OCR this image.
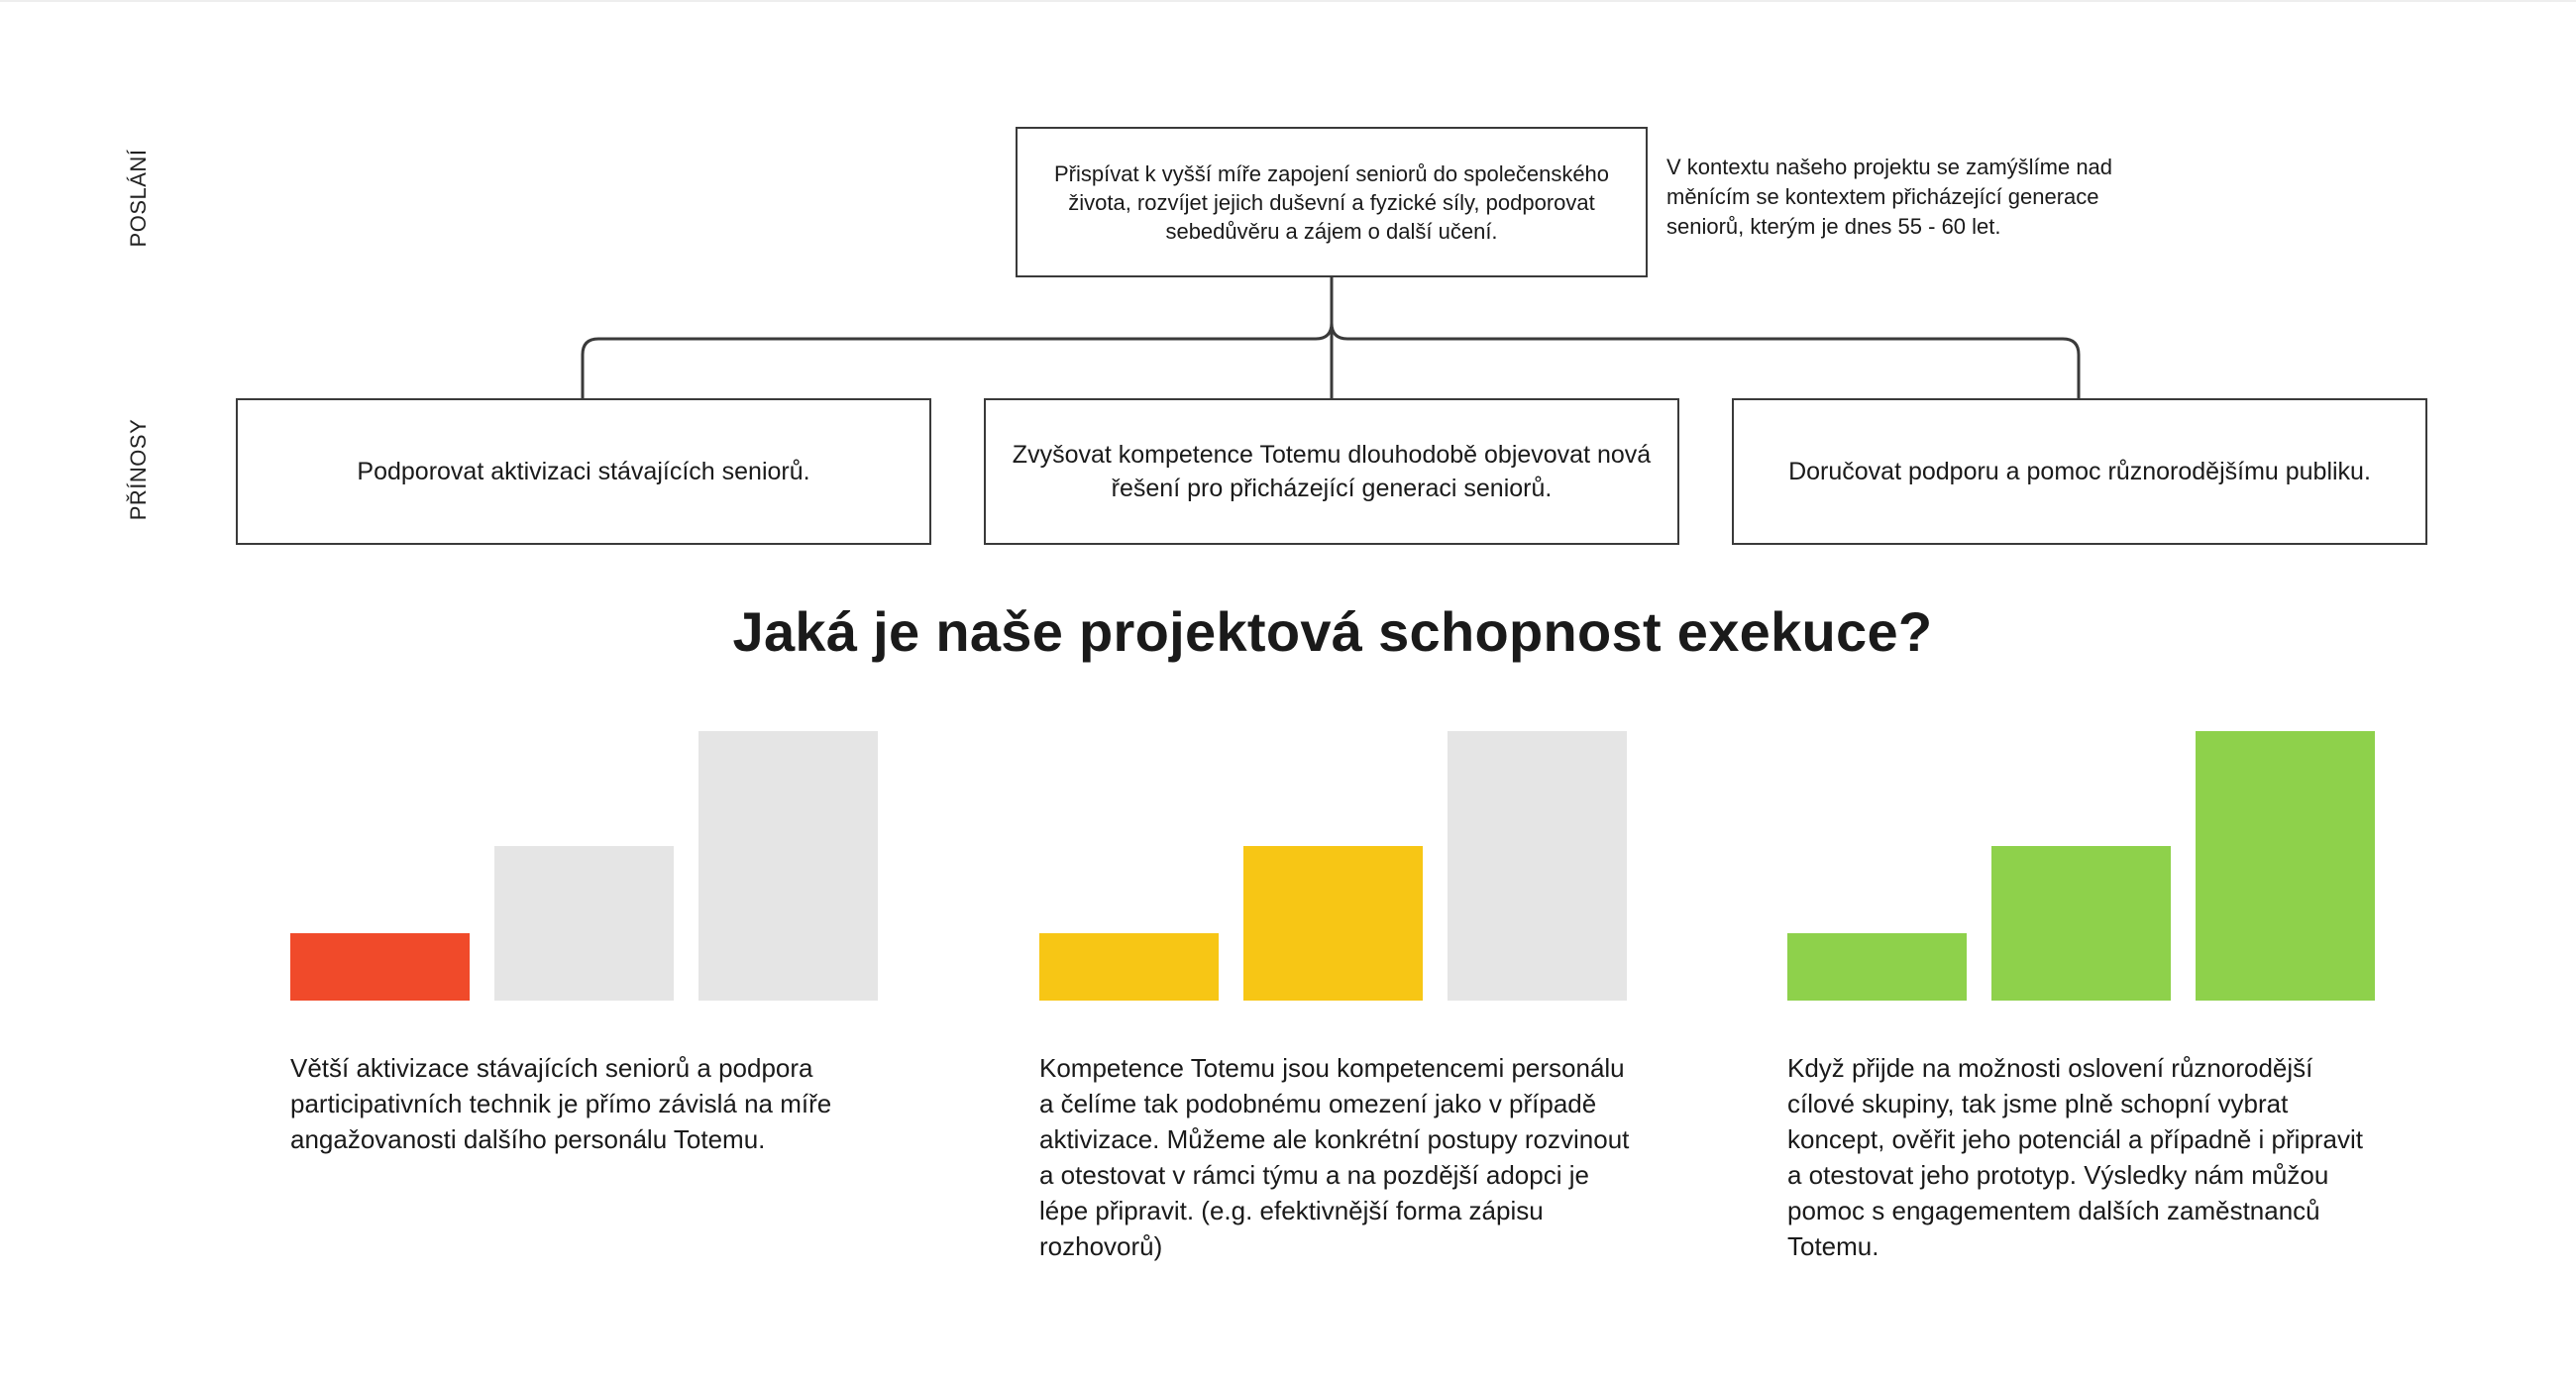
POSLÁNÍ
PŘÍNOSY
Přispívat k vyšší míře zapojení seniorů do společenského života, rozvíjet jejich duševní a fyzické síly, podporovat sebedůvěru a zájem o další učení.
V kontextu našeho projektu se zamýšlíme nad měnícím se kontextem přicházející generace seniorů, kterým je dnes 55 - 60 let.
Podporovat aktivizaci stávajících seniorů.
Zvyšovat kompetence Totemu dlouhodobě objevovat nová řešení pro přicházející generaci seniorů.
Doručovat podporu a pomoc různorodějšímu publiku.
Jaká je naše projektová schopnost exekuce?
Větší aktivizace stávajících seniorů a podpora participativních technik je přímo závislá na míře angažovanosti dalšího personálu Totemu.
Kompetence Totemu jsou kompetencemi personálu a čelíme tak podobnému omezení jako v případě aktivizace. Můžeme ale konkrétní postupy rozvinout a otestovat v rámci týmu a na pozdější adopci je lépe připravit. (e.g. efektivnější forma zápisu rozhovorů)
Když přijde na možnosti oslovení různorodější cílové skupiny, tak jsme plně schopní vybrat koncept, ověřit jeho potenciál a případně i připravit a otestovat jeho prototyp. Výsledky nám můžou pomoc s engagementem dalších zaměstnanců Totemu.
